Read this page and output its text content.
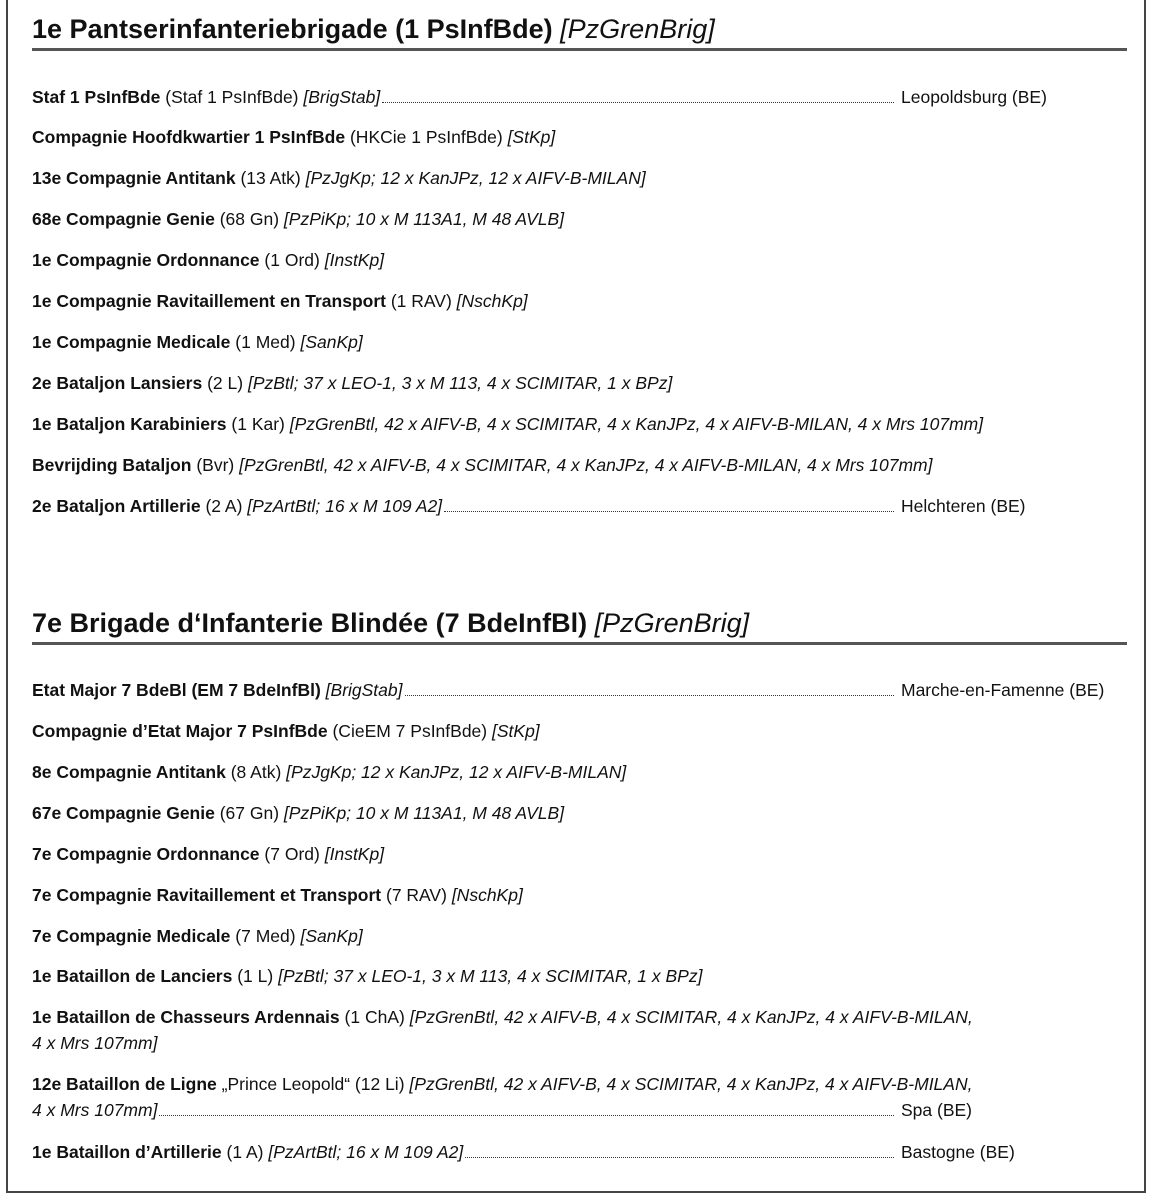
1e Pantserinfanteriebrigade (1 PsInfBde) [PzGrenBrig]
Staf 1 PsInfBde (Staf 1 PsInfBde) [BrigStab]	Leopoldsburg (BE)
Compagnie Hoofdkwartier 1 PsInfBde (HKCie 1 PsInfBde) [StKp]
13e Compagnie Antitank (13 Atk) [PzJgKp; 12 x KanJPz, 12 x AIFV-B-MILAN]
68e Compagnie Genie (68 Gn) [PzPiKp; 10 x M 113A1, M 48 AVLB]
1e Compagnie Ordonnance (1 Ord) [InstKp]
1e Compagnie Ravitaillement en Transport (1 RAV) [NschKp]
1e Compagnie Medicale (1 Med) [SanKp]
2e Bataljon Lansiers (2 L) [PzBtl; 37 x LEO-1, 3 x M 113, 4 x SCIMITAR, 1 x BPz]
1e Bataljon Karabiniers (1 Kar) [PzGrenBtl, 42 x AIFV-B, 4 x SCIMITAR, 4 x KanJPz, 4 x AIFV-B-MILAN, 4 x Mrs 107mm]
Bevrijding Bataljon (Bvr) [PzGrenBtl, 42 x AIFV-B, 4 x SCIMITAR, 4 x KanJPz, 4 x AIFV-B-MILAN, 4 x Mrs 107mm]
2e Bataljon Artillerie (2 A) [PzArtBtl; 16 x M 109 A2]	Helchteren (BE)
7e Brigade d‘Infanterie Blindée (7 BdeInfBl) [PzGrenBrig]
Etat Major 7 BdeBl (EM 7 BdeInfBl) [BrigStab]	Marche-en-Famenne (BE)
Compagnie d’Etat Major 7 PsInfBde (CieEM 7 PsInfBde) [StKp]
8e Compagnie Antitank (8 Atk) [PzJgKp; 12 x KanJPz, 12 x AIFV-B-MILAN]
67e Compagnie Genie (67 Gn) [PzPiKp; 10 x M 113A1, M 48 AVLB]
7e Compagnie Ordonnance (7 Ord) [InstKp]
7e Compagnie Ravitaillement et Transport (7 RAV) [NschKp]
7e Compagnie Medicale (7 Med) [SanKp]
1e Bataillon de Lanciers (1 L) [PzBtl; 37 x LEO-1, 3 x M 113, 4 x SCIMITAR, 1 x BPz]
1e Bataillon de Chasseurs Ardennais (1 ChA) [PzGrenBtl, 42 x AIFV-B, 4 x SCIMITAR, 4 x KanJPz, 4 x AIFV-B-MILAN,
4 x Mrs 107mm]
12e Bataillon de Ligne „Prince Leopold“ (12 Li) [PzGrenBtl, 42 x AIFV-B, 4 x SCIMITAR, 4 x KanJPz, 4 x AIFV-B-MILAN,
4 x Mrs 107mm]	Spa (BE)
1e Bataillon d’Artillerie (1 A) [PzArtBtl; 16 x M 109 A2]	Bastogne (BE)
